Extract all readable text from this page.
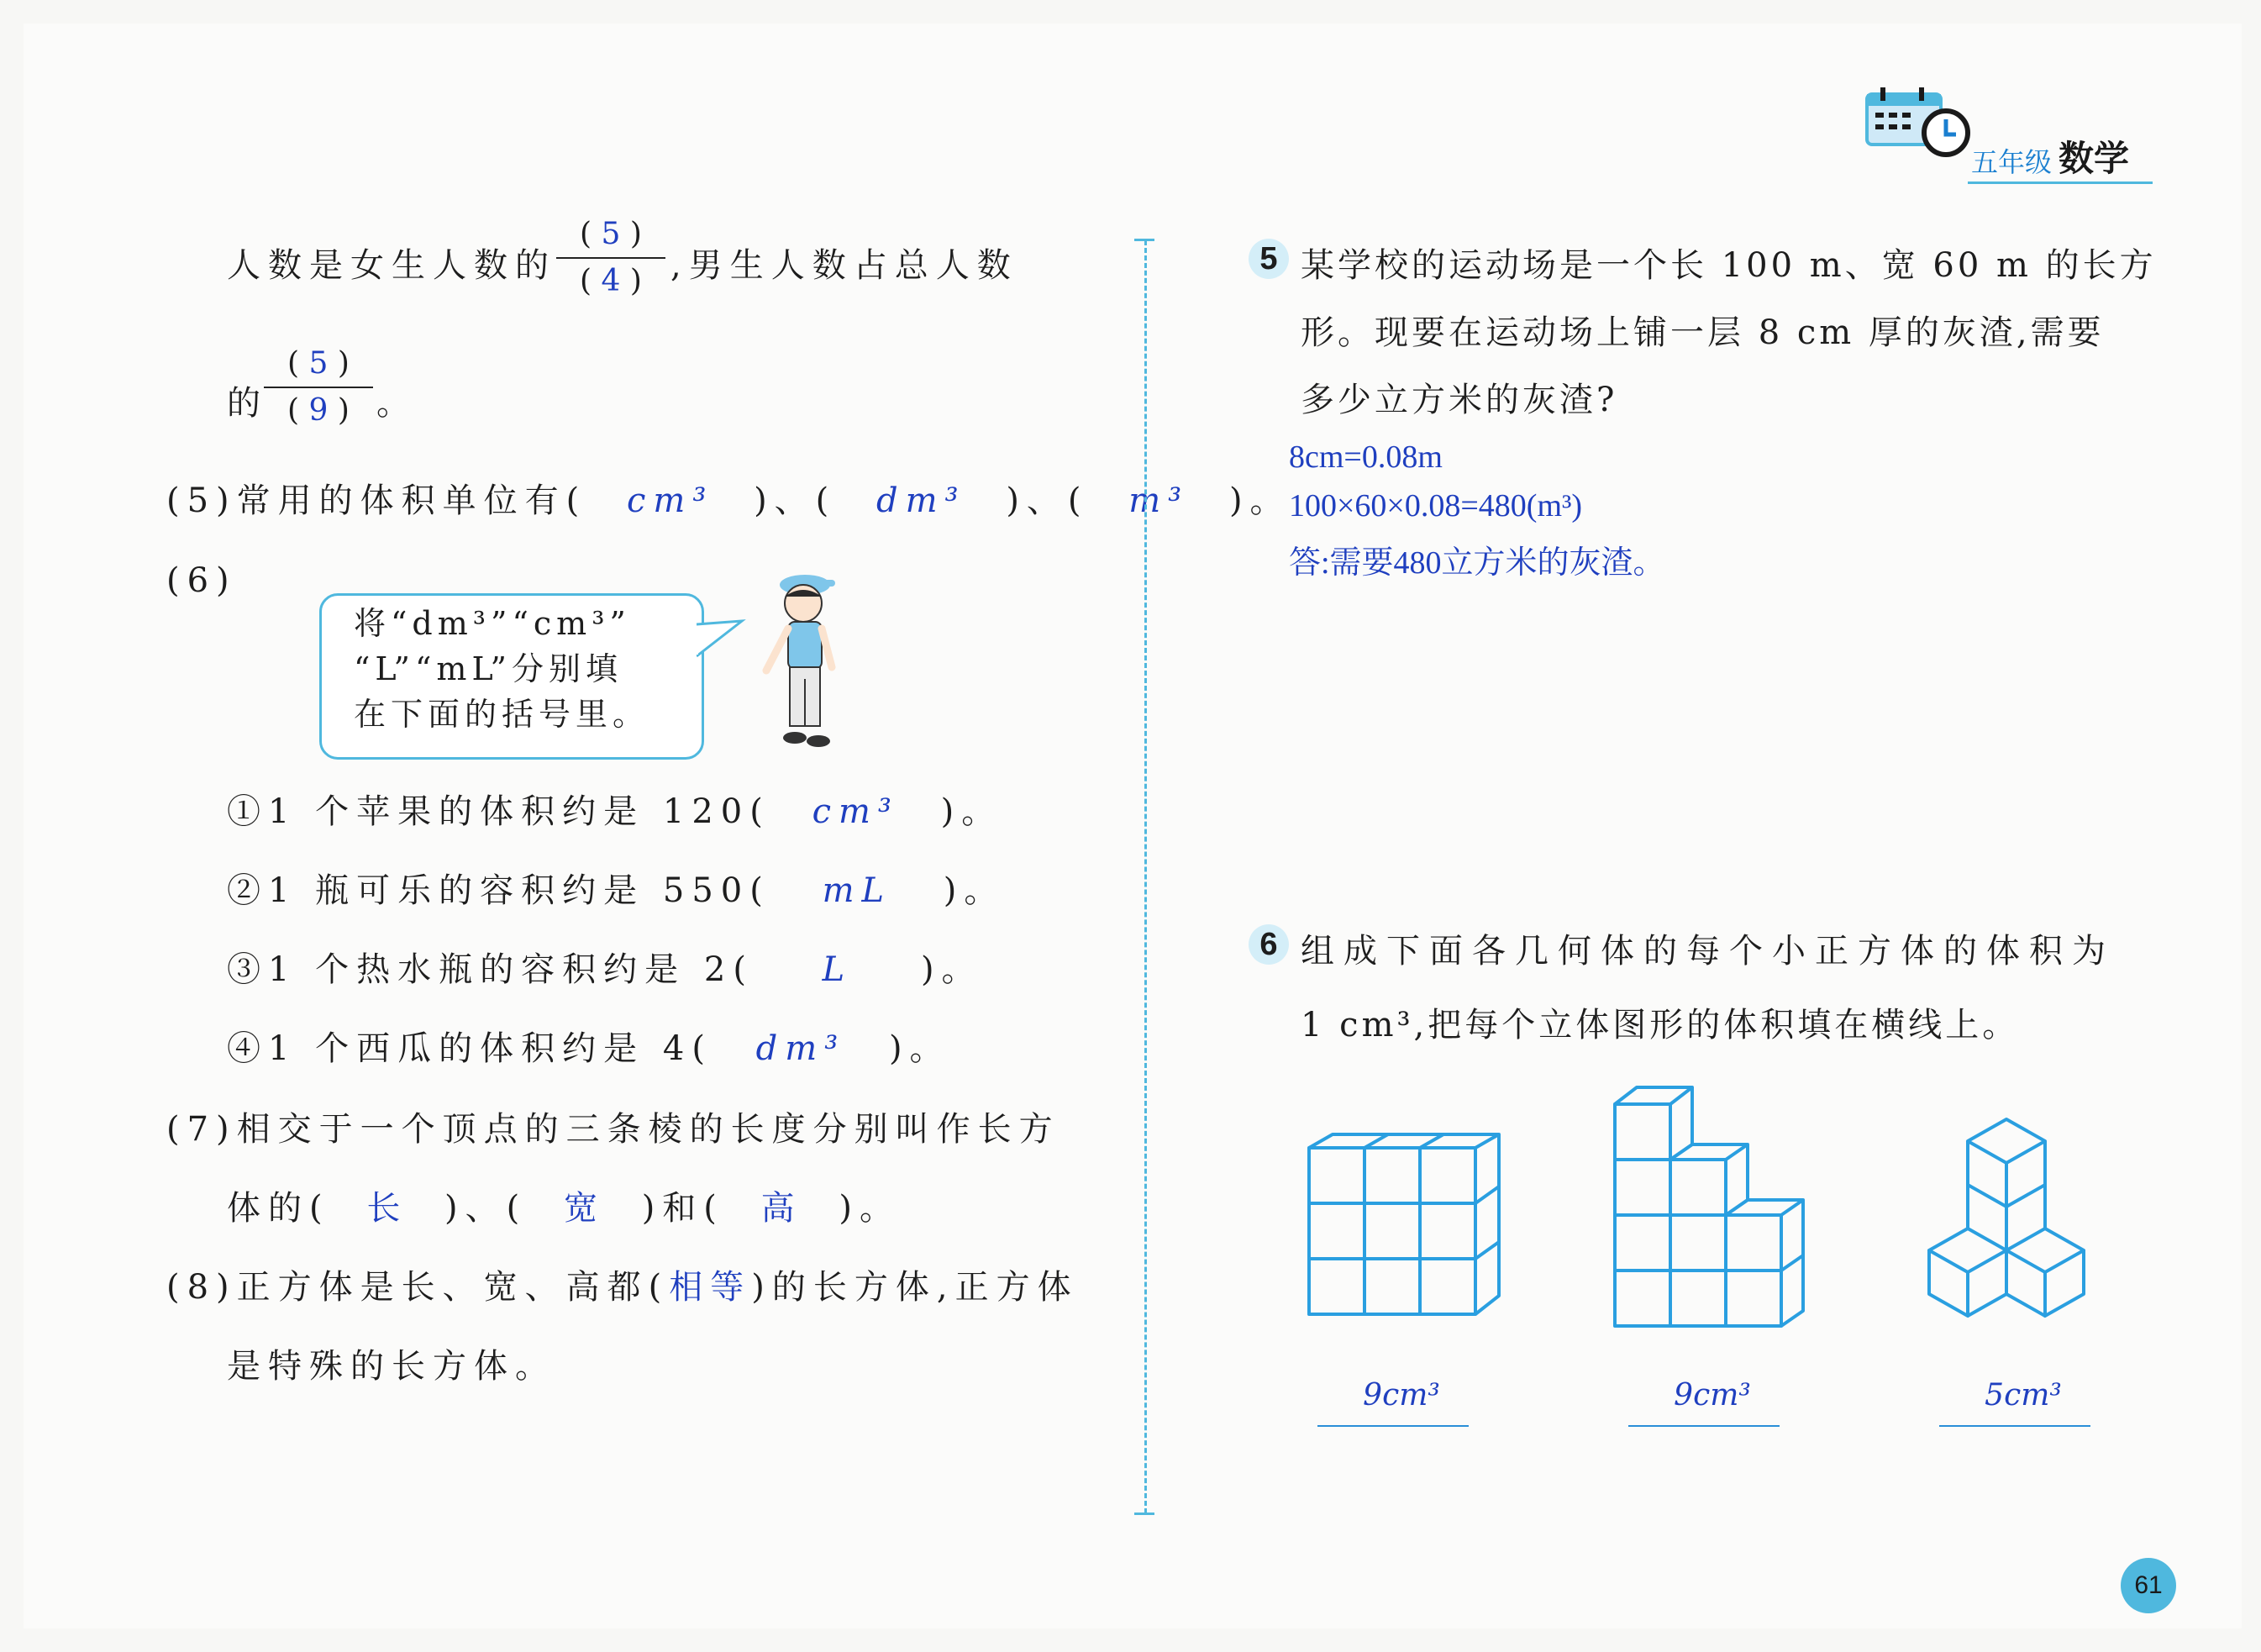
五年级 数学
人数是女生人数的
( 5 )
( 4 ) ,男生人数占总人数
的
( 5 )
( 9 ) 。
(5)常用的体积单位有( cm³ )、( dm³ )、( m³ )。
(6)
将“dm³”“cm³”
“L”“mL”分别填
在下面的括号里。
①1 个苹果的体积约是 120( cm³ )。
②1 瓶可乐的容积约是 550( mL )。
③1 个热水瓶的容积约是 2( L )。
④1 个西瓜的体积约是 4( dm³ )。
(7)相交于一个顶点的三条棱的长度分别叫作长方
体的( 长 )、( 宽 )和( 高 )。
(8)正方体是长、宽、高都(相等)的长方体,正方体
是特殊的长方体。
5 某学校的运动场是一个长 100 m、宽 60 m 的长方
形。现要在运动场上铺一层 8 cm 厚的灰渣,需要
多少立方米的灰渣?
8cm=0.08m
100×60×0.08=480(m³)
答:需要480立方米的灰渣。
6 组成下面各几何体的每个小正方体的体积为
1 cm³,把每个立体图形的体积填在横线上。
9cm³	9cm³	5cm³
61
